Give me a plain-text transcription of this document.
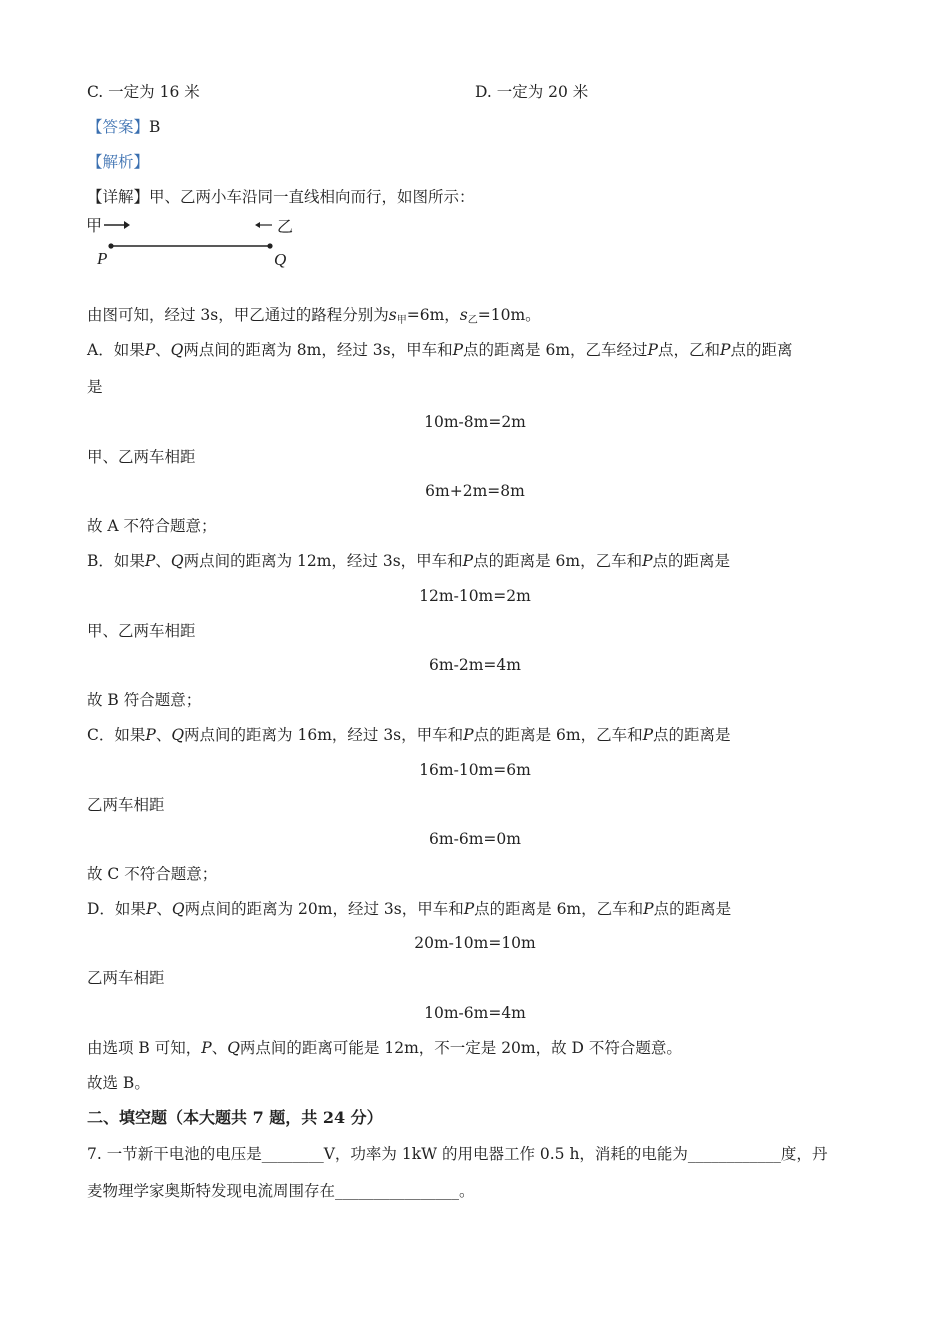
C. 一定为 16 米	D. 一定为 20 米
【答案】B
【解析】
【详解】甲、乙两小车沿同一直线相向而行，如图所示：
甲	乙
P	Q
由图可知，经过 3s，甲乙通过的路程分别为$s_甲=6m$，$s_乙=10m$。
A．如果P、Q两点间的距离为 8m，经过 3s，甲车和P点的距离是 6m，乙车经过P点，乙和P点的距离
是
10m-8m=2m
甲、乙两车相距
6m+2m=8m
故 A 不符合题意；
B．如果P、Q两点间的距离为 12m，经过 3s，甲车和P点的距离是 6m，乙车和P点的距离是
12m-10m=2m
甲、乙两车相距
6m-2m=4m
故 B 符合题意；
C．如果P、Q两点间的距离为 16m，经过 3s，甲车和P点的距离是 6m，乙车和P点的距离是
16m-10m=6m
乙两车相距
6m-6m=0m
故 C 不符合题意；
D．如果P、Q两点间的距离为 20m，经过 3s，甲车和P点的距离是 6m，乙车和P点的距离是
20m-10m=10m
乙两车相距
10m-6m=4m
由选项 B 可知，P、Q两点间的距离可能是 12m，不一定是 20m，故 D 不符合题意。
故选 B。
二、填空题（本大题共 7 题，共 24 分）
7. 一节新干电池的电压是________V，功率为 1kW 的用电器工作 0.5 h，消耗的电能为____________度，丹
麦物理学家奥斯特发现电流周围存在________________。
